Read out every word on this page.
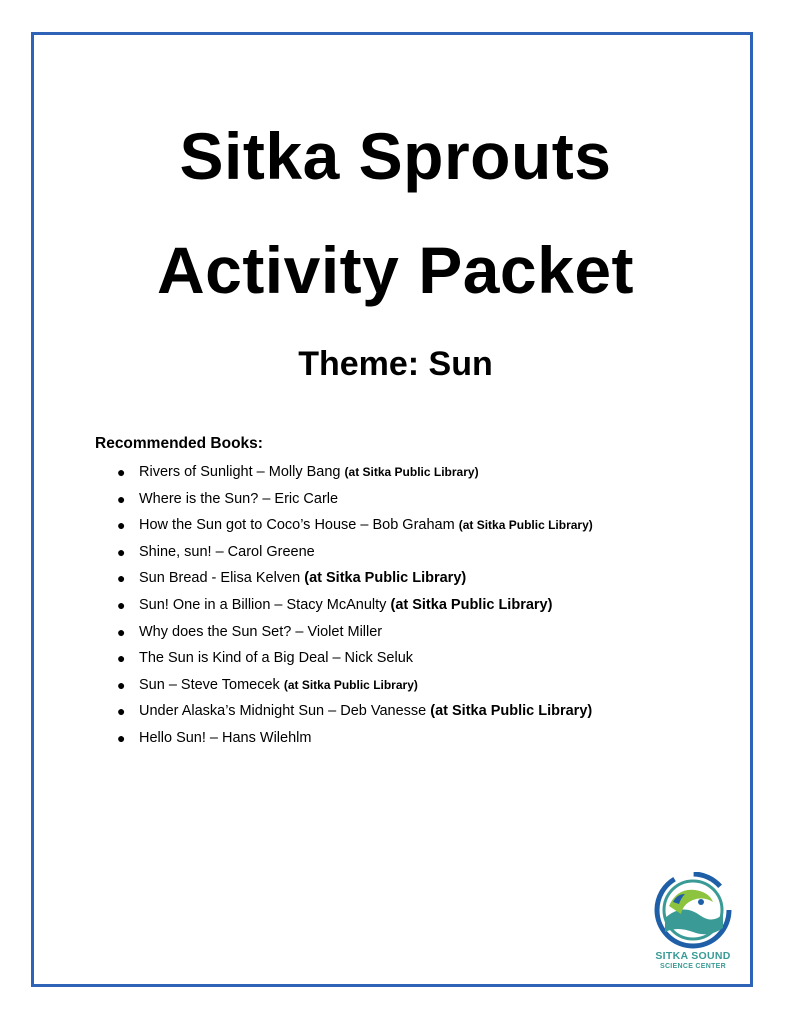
Sitka Sprouts
Activity Packet
Theme: Sun
Recommended Books:
● Rivers of Sunlight – Molly Bang (at Sitka Public Library)
● Where is the Sun? – Eric Carle
● How the Sun got to Coco’s House – Bob Graham (at Sitka Public Library)
● Shine, sun! – Carol Greene
● Sun Bread - Elisa Kelven (at Sitka Public Library)
● Sun! One in a Billion – Stacy McAnulty (at Sitka Public Library)
● Why does the Sun Set? – Violet Miller
● The Sun is Kind of a Big Deal – Nick Seluk
● Sun – Steve Tomecek (at Sitka Public Library)
● Under Alaska’s Midnight Sun – Deb Vanesse (at Sitka Public Library)
● Hello Sun! – Hans Wilehlm
SITKA SOUND
SCIENCE CENTER
